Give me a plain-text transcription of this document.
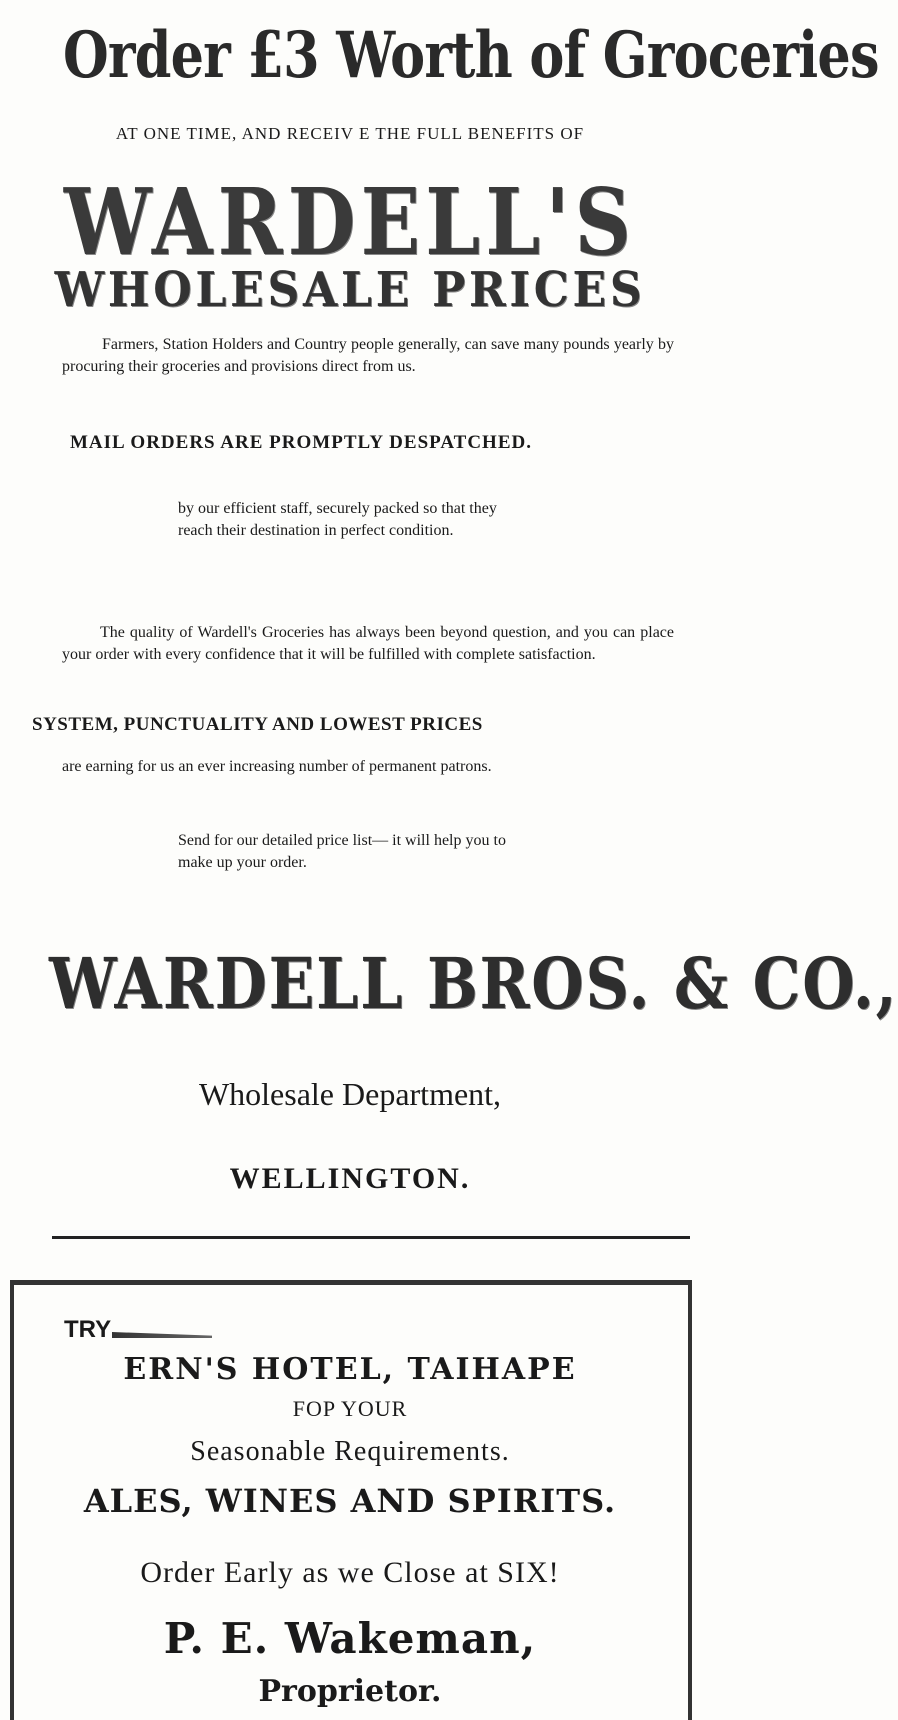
Order £3 Worth of Groceries
AT ONE TIME, AND RECEIV E THE FULL BENEFITS OF
WARDELL'S
WHOLESALE PRICES
Farmers, Station Holders and Country people generally, can save many pounds yearly by procuring their groceries and provisions direct from us.
MAIL ORDERS ARE PROMPTLY DESPATCHED.
by our efficient staff, securely packed so that they reach their destination in perfect condition.
The quality of Wardell's Groceries has always been beyond question, and you can place your order with every confidence that it will be fulfilled with complete satisfaction.
SYSTEM, PUNCTUALITY AND LOWEST PRICES
are earning for us an ever increasing number of permanent patrons.
Send for our detailed price list— it will help you to make up your order.
WARDELL BROS. & CO.,
Wholesale Department,
WELLINGTON.
TRY
ERN'S HOTEL, TAIHAPE
FOP YOUR
Seasonable Requirements.
ALES, WINES AND SPIRITS.
Order Early as we Close at SIX!
P. E. Wakeman,
Proprietor.
